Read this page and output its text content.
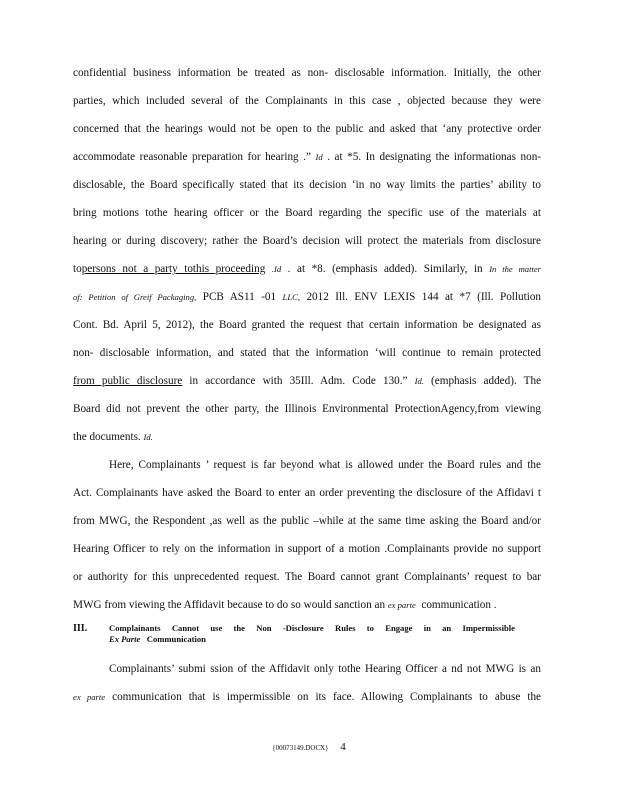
confidential business information be treated as non- disclosable information. Initially, the other
parties, which included several of the Complainants in this case , objected because they were
concerned that the hearings would not be open to the public and asked that ‘any protective order
accommodate reasonable preparation for hearing .” Id . at *5. In designating the informationas non-
disclosable, the Board specifically stated that its decision ‘in no way limits the parties’ ability to
bring motions tothe hearing officer or the Board regarding the specific use of the materials at
hearing or during discovery; rather the Board’s decision will protect the materials from disclosure
topersons not a party tothis proceeding .Id . at *8. (emphasis added). Similarly, in In the matter
of: Petition of Greif Packaging, PCB AS11 -01 LLC, 2012 Ill. ENV LEXIS 144 at *7 (Ill. Pollution
Cont. Bd. April 5, 2012), the Board granted the request that certain information be designated as
non- disclosable information, and stated that the information ‘will continue to remain protected
from public disclosure in accordance with 35Ill. Adm. Code 130.” Id. (emphasis added). The
Board did not prevent the other party, the Illinois Environmental ProtectionAgency,from viewing
the documents. Id.
Here, Complainants ’ request is far beyond what is allowed under the Board rules and the
Act. Complainants have asked the Board to enter an order preventing the disclosure of the Affidavi t
from MWG, the Respondent ,as well as the public –while at the same time asking the Board and/or
Hearing Officer to rely on the information in support of a motion .Complainants provide no support
or authority for this unprecedented request. The Board cannot grant Complainants’ request to bar
MWG from viewing the Affidavit because to do so would sanction an ex parte communication .
III.	Complainants Cannot use the Non -Disclosure Rules to Engage in an Impermissible
Ex Parte Communication
Complainants’ submi ssion of the Affidavit only tothe Hearing Officer a nd not MWG is an
ex parte communication that is impermissible on its face. Allowing Complainants to abuse the
{00073149.DOCX} 4
